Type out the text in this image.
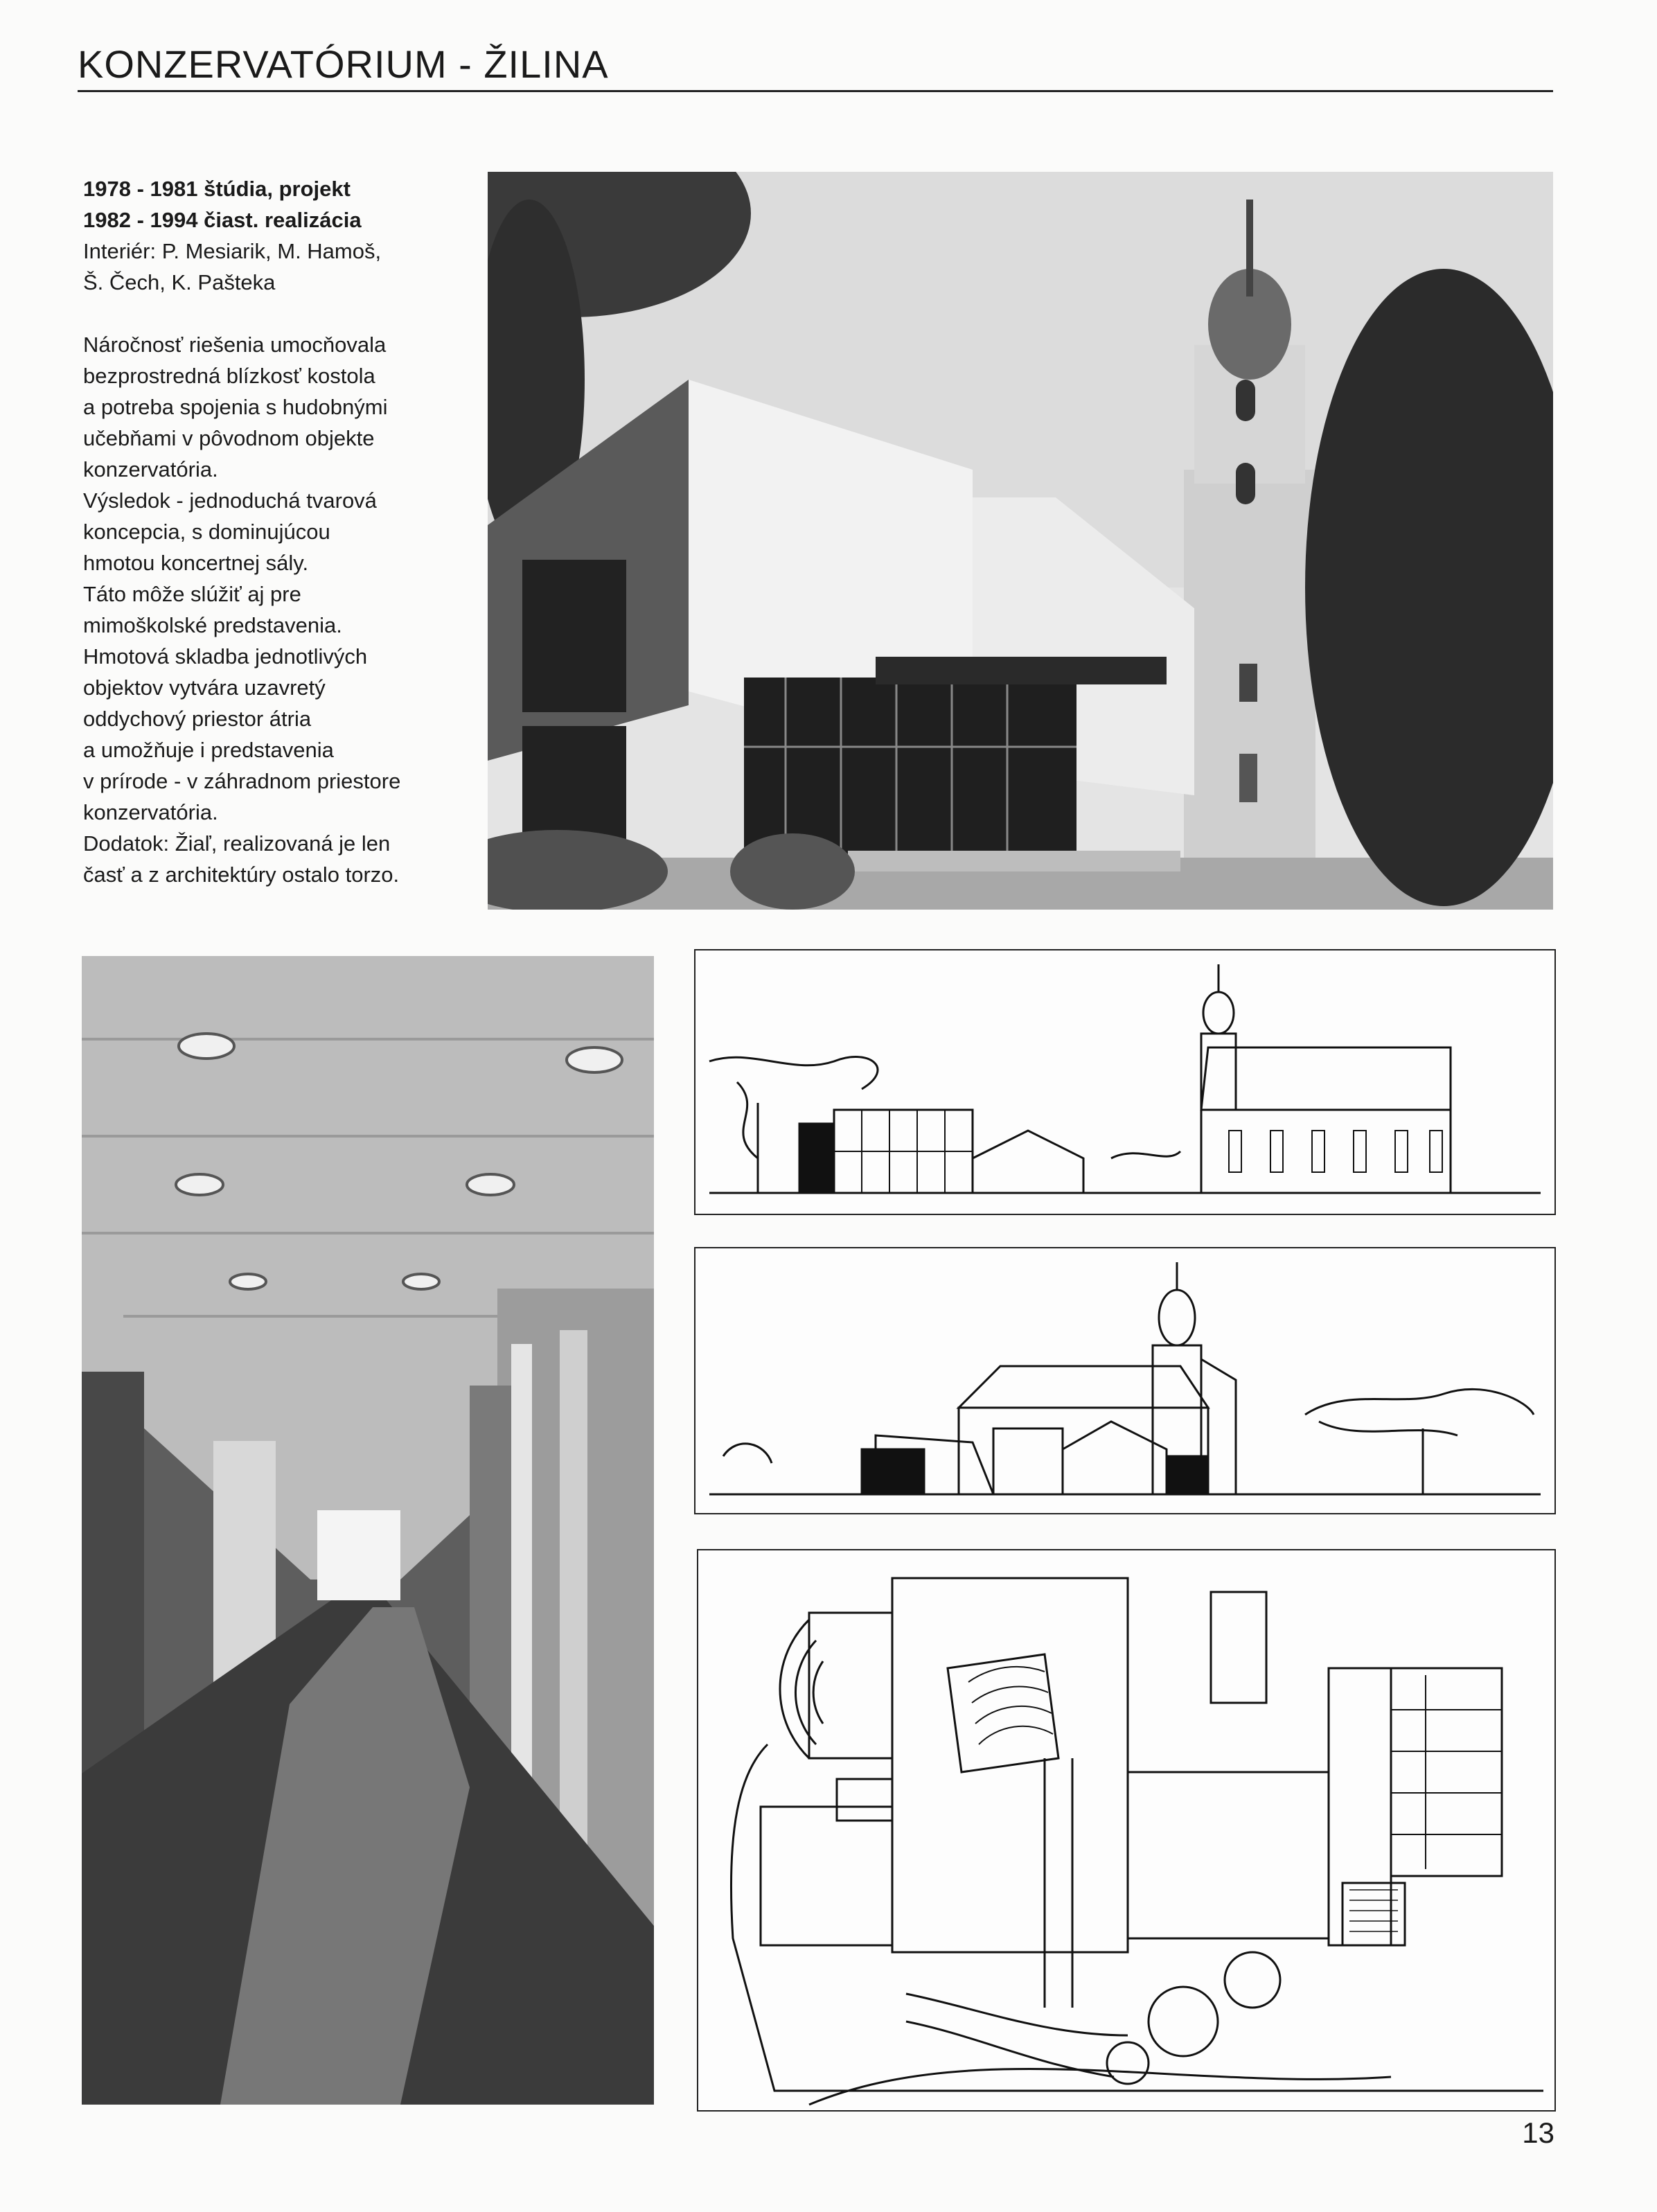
KONZERVATÓRIUM - ŽILINA

1978 - 1981 štúdia, projekt

1982 - 1994 čiast. realizácia

Interiér: P. Mesiarik, M. Hamoš,

Š. Čech, K. Pašteka

Náročnosť riešenia umocňovala

bezprostredná blízkosť kostola

a potreba spojenia s hudobnými

učebňami v pôvodnom objekte

konzervatória.

Výsledok - jednoduchá tvarová

koncepcia, s dominujúcou

hmotou koncertnej sály.

Táto môže slúžiť aj pre

mimoškolské predstavenia.

Hmotová skladba jednotlivých

objektov vytvára uzavretý

oddychový priestor átria

a umožňuje i predstavenia

v prírode - v záhradnom priestore

konzervatória.

Dodatok: Žiaľ, realizovaná je len

časť a z architektúry ostalo torzo.

13
